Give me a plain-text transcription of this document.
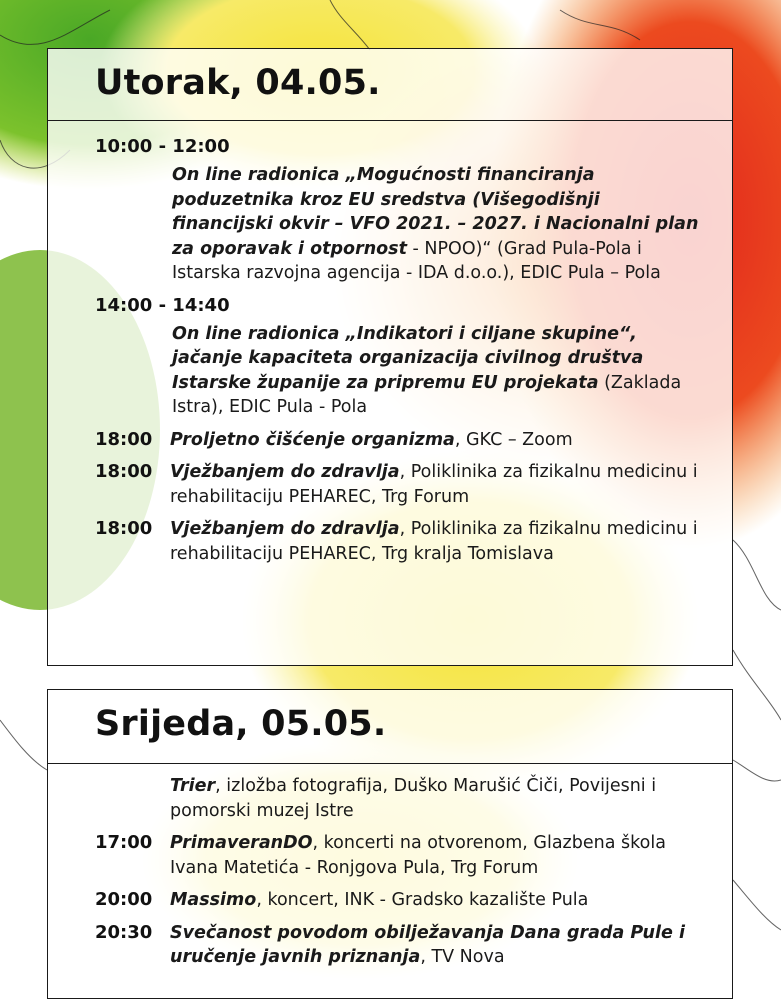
Utorak, 04.05.
10:00 - 12:00
On line radionica „Mogućnosti financiranja poduzetnika kroz EU sredstva (Višegodišnji financijski okvir – VFO 2021. – 2027. i Nacionalni plan za oporavak i otpornost - NPOO)“ (Grad Pula-Pola i Istarska razvojna agencija - IDA d.o.o.), EDIC Pula – Pola
14:00 - 14:40
On line radionica „Indikatori i ciljane skupine“, jačanje kapaciteta organizacija civilnog društva Istarske županije za pripremu EU projekata (Zaklada Istra), EDIC Pula - Pola
18:00	Proljetno čišćenje organizma, GKC – Zoom
18:00	Vježbanjem do zdravlja, Poliklinika za fizikalnu medicinu i rehabilitaciju PEHAREC, Trg Forum
18:00	Vježbanjem do zdravlja, Poliklinika za fizikalnu medicinu i rehabilitaciju PEHAREC, Trg kralja Tomislava
Srijeda, 05.05.
Trier, izložba fotografija, Duško Marušić Čiči, Povijesni i pomorski muzej Istre
17:00	PrimaveranDO, koncerti na otvorenom, Glazbena škola Ivana Matetića - Ronjgova Pula, Trg Forum
20:00	Massimo, koncert, INK - Gradsko kazalište Pula
20:30	Svečanost povodom obilježavanja Dana grada Pule i uručenje javnih priznanja, TV Nova
